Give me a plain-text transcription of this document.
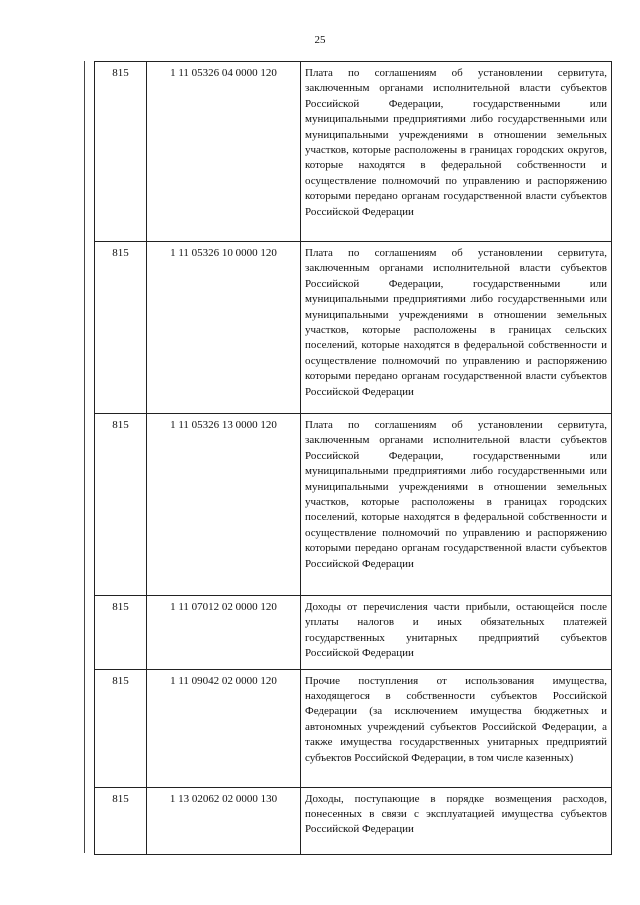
25
815	1 11 05326 04 0000 120	Плата по соглашениям об установлении сервитута, заключенным органами исполнительной власти субъектов Российской Федерации, государственными или муниципальными предприятиями либо государственными или муниципальными учреждениями в отношении земельных участков, которые расположены в границах городских округов, которые находятся в федеральной собственности и осуществление полномочий по управлению и распоряжению которыми передано органам государственной власти субъектов Российской Федерации
815	1 11 05326 10 0000 120	Плата по соглашениям об установлении сервитута, заключенным органами исполнительной власти субъектов Российской Федерации, государственными или муниципальными предприятиями либо государственными или муниципальными учреждениями в отношении земельных участков, которые расположены в границах сельских поселений, которые находятся в федеральной собственности и осуществление полномочий по управлению и распоряжению которыми передано органам государственной власти субъектов Российской Федерации
815	1 11 05326 13 0000 120	Плата по соглашениям об установлении сервитута, заключенным органами исполнительной власти субъектов Российской Федерации, государственными или муниципальными предприятиями либо государственными или муниципальными учреждениями в отношении земельных участков, которые расположены в границах городских поселений, которые находятся в федеральной собственности и осуществление полномочий по управлению и распоряжению которыми передано органам государственной власти субъектов Российской Федерации
815	1 11 07012 02 0000 120	Доходы от перечисления части прибыли, остающейся после уплаты налогов и иных обязательных платежей государственных унитарных предприятий субъектов Российской Федерации
815	1 11 09042 02 0000 120	Прочие поступления от использования имущества, находящегося в собственности субъектов Российской Федерации (за исключением имущества бюджетных и автономных учреждений субъектов Российской Федерации, а также имущества государственных унитарных предприятий субъектов Российской Федерации, в том числе казенных)
815	1 13 02062 02 0000 130	Доходы, поступающие в порядке возмещения расходов, понесенных в связи с эксплуатацией имущества субъектов Российской Федерации
